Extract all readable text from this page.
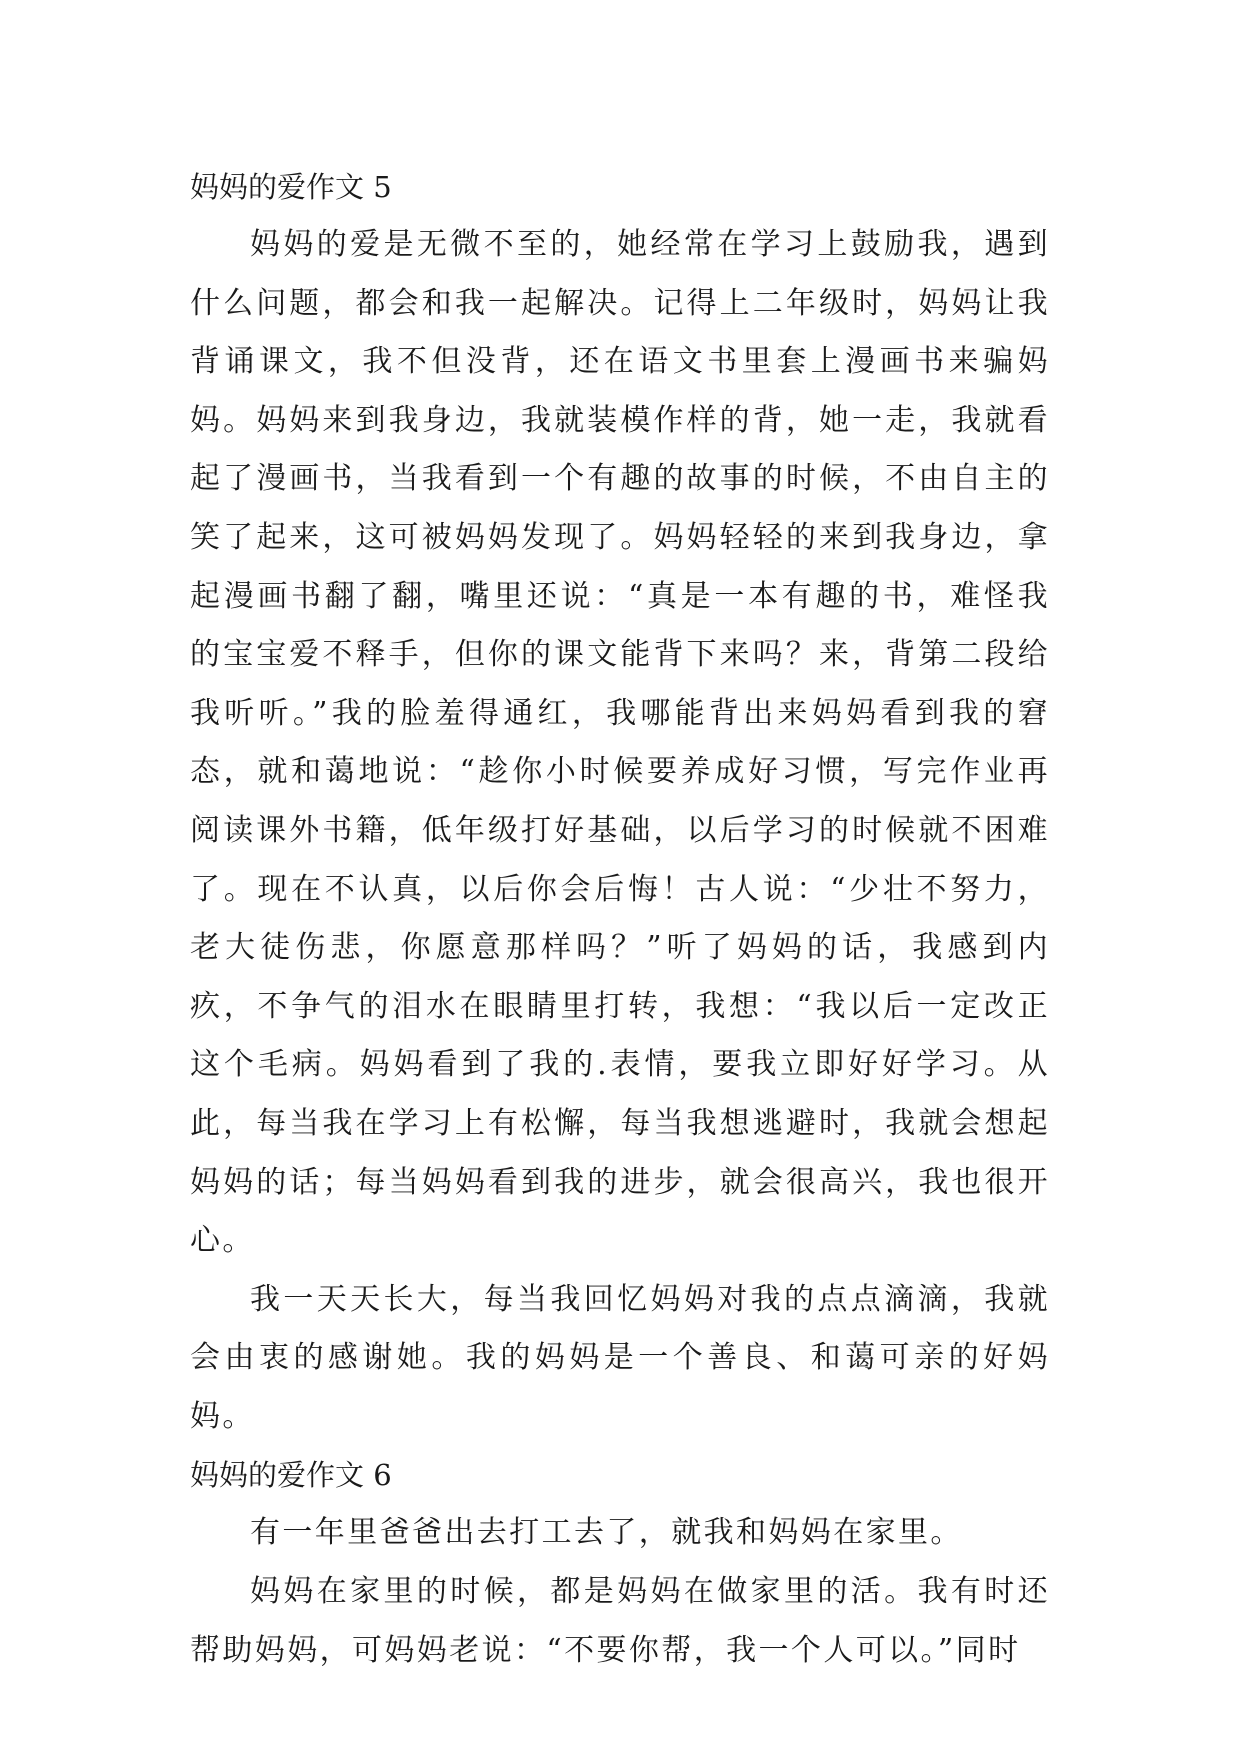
妈妈的爱作文 5

妈妈的爱是无微不至的，她经常在学习上鼓励我，遇到什么问题，都会和我一起解决。记得上二年级时，妈妈让我背诵课文，我不但没背，还在语文书里套上漫画书来骗妈妈。妈妈来到我身边，我就装模作样的背，她一走，我就看起了漫画书，当我看到一个有趣的故事的时候，不由自主的笑了起来，这可被妈妈发现了。妈妈轻轻的来到我身边，拿起漫画书翻了翻，嘴里还说：“真是一本有趣的书，难怪我的宝宝爱不释手，但你的课文能背下来吗？来，背第二段给我听听。”我的脸羞得通红，我哪能背出来妈妈看到我的窘态，就和蔼地说：“趁你小时候要养成好习惯，写完作业再阅读课外书籍，低年级打好基础，以后学习的时候就不困难了。现在不认真，以后你会后悔！古人说：“少壮不努力，老大徒伤悲，你愿意那样吗？”听了妈妈的话，我感到内疚，不争气的泪水在眼睛里打转，我想：“我以后一定改正这个毛病。妈妈看到了我的.表情，要我立即好好学习。从此，每当我在学习上有松懈，每当我想逃避时，我就会想起妈妈的话；每当妈妈看到我的进步，就会很高兴，我也很开心。

我一天天长大，每当我回忆妈妈对我的点点滴滴，我就会由衷的感谢她。我的妈妈是一个善良、和蔼可亲的好妈妈。

妈妈的爱作文 6

有一年里爸爸出去打工去了，就我和妈妈在家里。

妈妈在家里的时候，都是妈妈在做家里的活。我有时还帮助妈妈，可妈妈老说：“不要你帮，我一个人可以。”同时
